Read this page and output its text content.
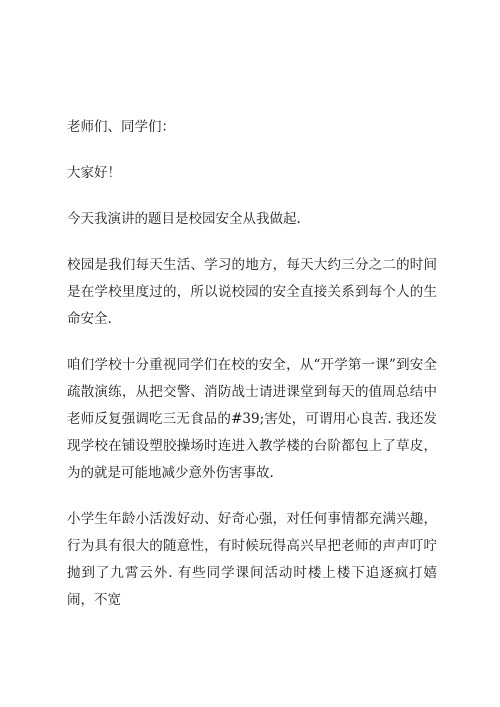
老师们、同学们：

大家好！

今天我演讲的题目是校园安全从我做起.

校园是我们每天生活、学习的地方，每天大约三分之二的时间是在学校里度过的，所以说校园的安全直接关系到每个人的生命安全.

咱们学校十分重视同学们在校的安全，从“开学第一课”到安全疏散演练，从把交警、消防战士请进课堂到每天的值周总结中老师反复强调吃三无食品的#39;害处，可谓用心良苦. 我还发现学校在铺设塑胶操场时连进入教学楼的台阶都包上了草皮，为的就是可能地减少意外伤害事故.

小学生年龄小活泼好动、好奇心强，对任何事情都充满兴趣，行为具有很大的随意性，有时候玩得高兴早把老师的声声叮咛抛到了九霄云外. 有些同学课间活动时楼上楼下追逐疯打嬉闹，不宽
